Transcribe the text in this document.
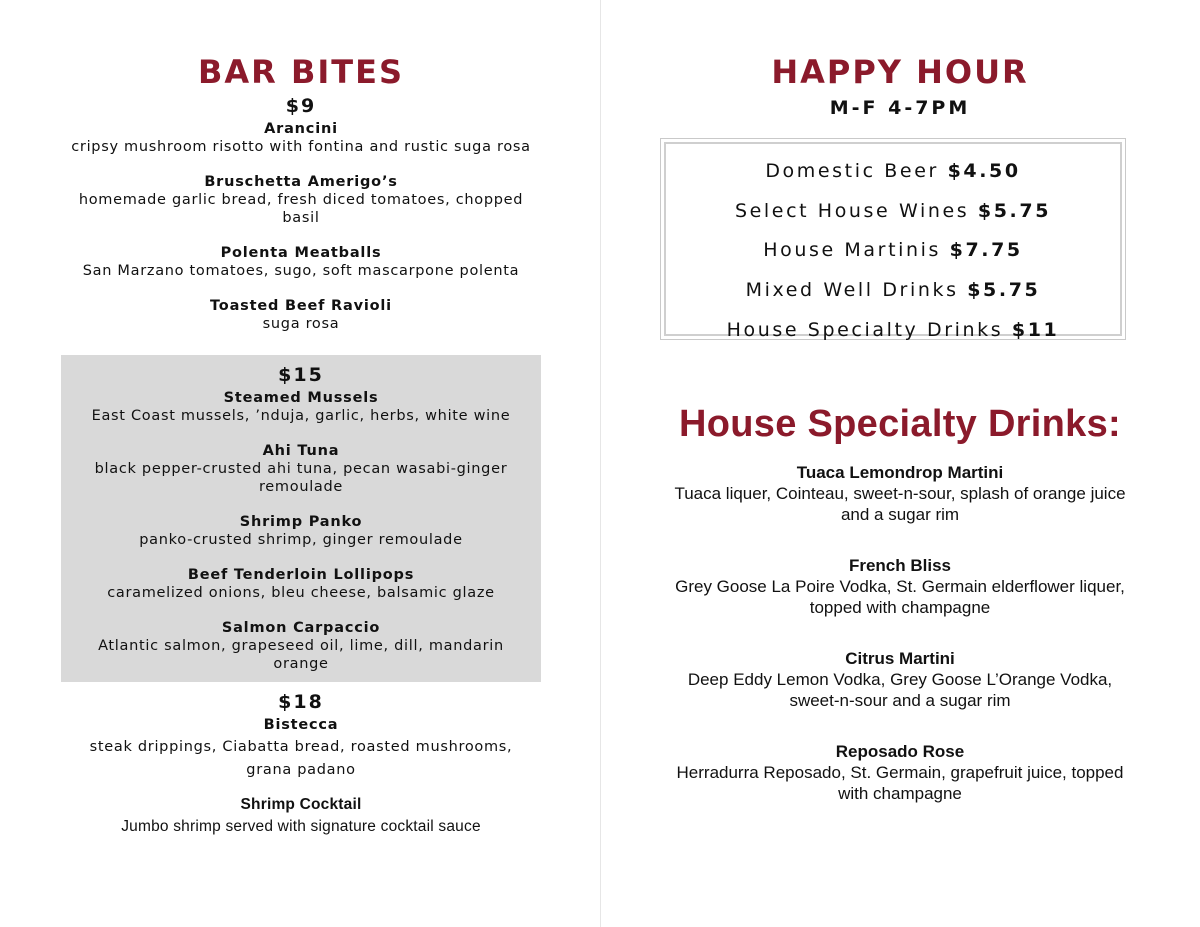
BAR BITES
$9
Arancini
cripsy mushroom risotto with fontina and rustic suga rosa
Bruschetta Amerigo’s
homemade garlic bread, fresh diced tomatoes, chopped basil
Polenta Meatballs
San Marzano tomatoes, sugo, soft mascarpone polenta
Toasted Beef Ravioli
suga rosa
$15
Steamed Mussels
East Coast mussels, ’nduja, garlic, herbs, white wine
Ahi Tuna
black pepper-crusted ahi tuna, pecan wasabi-ginger remoulade
Shrimp Panko
panko-crusted shrimp, ginger remoulade
Beef Tenderloin Lollipops
caramelized onions, bleu cheese, balsamic glaze
Salmon Carpaccio
Atlantic salmon, grapeseed oil, lime, dill, mandarin orange
$18
Bistecca
steak drippings, Ciabatta bread, roasted mushrooms, grana padano
Shrimp Cocktail
Jumbo shrimp served with signature cocktail sauce
HAPPY HOUR
M-F 4-7PM
Domestic Beer $4.50
Select House Wines $5.75
House Martinis $7.75
Mixed Well Drinks $5.75
House Specialty Drinks $11
House Specialty Drinks:
Tuaca Lemondrop Martini
Tuaca liquer, Cointeau, sweet-n-sour, splash of orange juice and a sugar rim
French Bliss
Grey Goose La Poire Vodka, St. Germain elderflower liquer, topped with champagne
Citrus Martini
Deep Eddy Lemon Vodka, Grey Goose L’Orange Vodka, sweet-n-sour and a sugar rim
Reposado Rose
Herradurra Reposado, St. Germain, grapefruit juice, topped with champagne
